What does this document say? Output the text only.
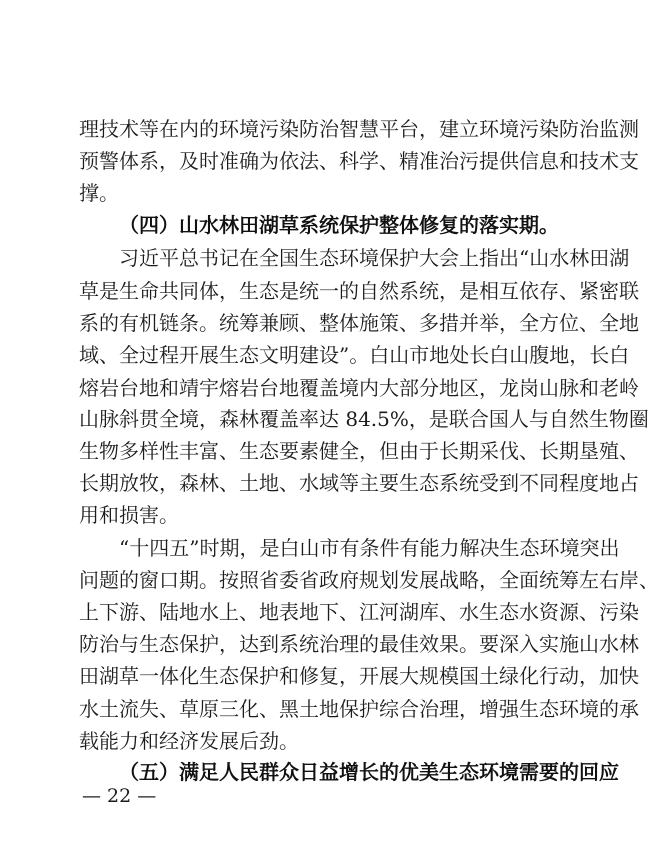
理技术等在内的环境污染防治智慧平台，建立环境污染防治监测
预警体系，及时准确为依法、科学、精准治污提供信息和技术支
撑。
（四）山水林田湖草系统保护整体修复的落实期。
习近平总书记在全国生态环境保护大会上指出“山水林田湖
草是生命共同体，生态是统一的自然系统，是相互依存、紧密联
系的有机链条。统筹兼顾、整体施策、多措并举，全方位、全地
域、全过程开展生态文明建设”。白山市地处长白山腹地，长白
熔岩台地和靖宇熔岩台地覆盖境内大部分地区，龙岗山脉和老岭
山脉斜贯全境，森林覆盖率达 84.5%，是联合国人与自然生物圈
生物多样性丰富、生态要素健全，但由于长期采伐、长期垦殖、
长期放牧，森林、土地、水域等主要生态系统受到不同程度地占
用和损害。
“十四五”时期，是白山市有条件有能力解决生态环境突出
问题的窗口期。按照省委省政府规划发展战略，全面统筹左右岸、
上下游、陆地水上、地表地下、江河湖库、水生态水资源、污染
防治与生态保护，达到系统治理的最佳效果。要深入实施山水林
田湖草一体化生态保护和修复，开展大规模国土绿化行动，加快
水土流失、草原三化、黑土地保护综合治理，增强生态环境的承
载能力和经济发展后劲。
（五）满足人民群众日益增长的优美生态环境需要的回应
— 22 —
